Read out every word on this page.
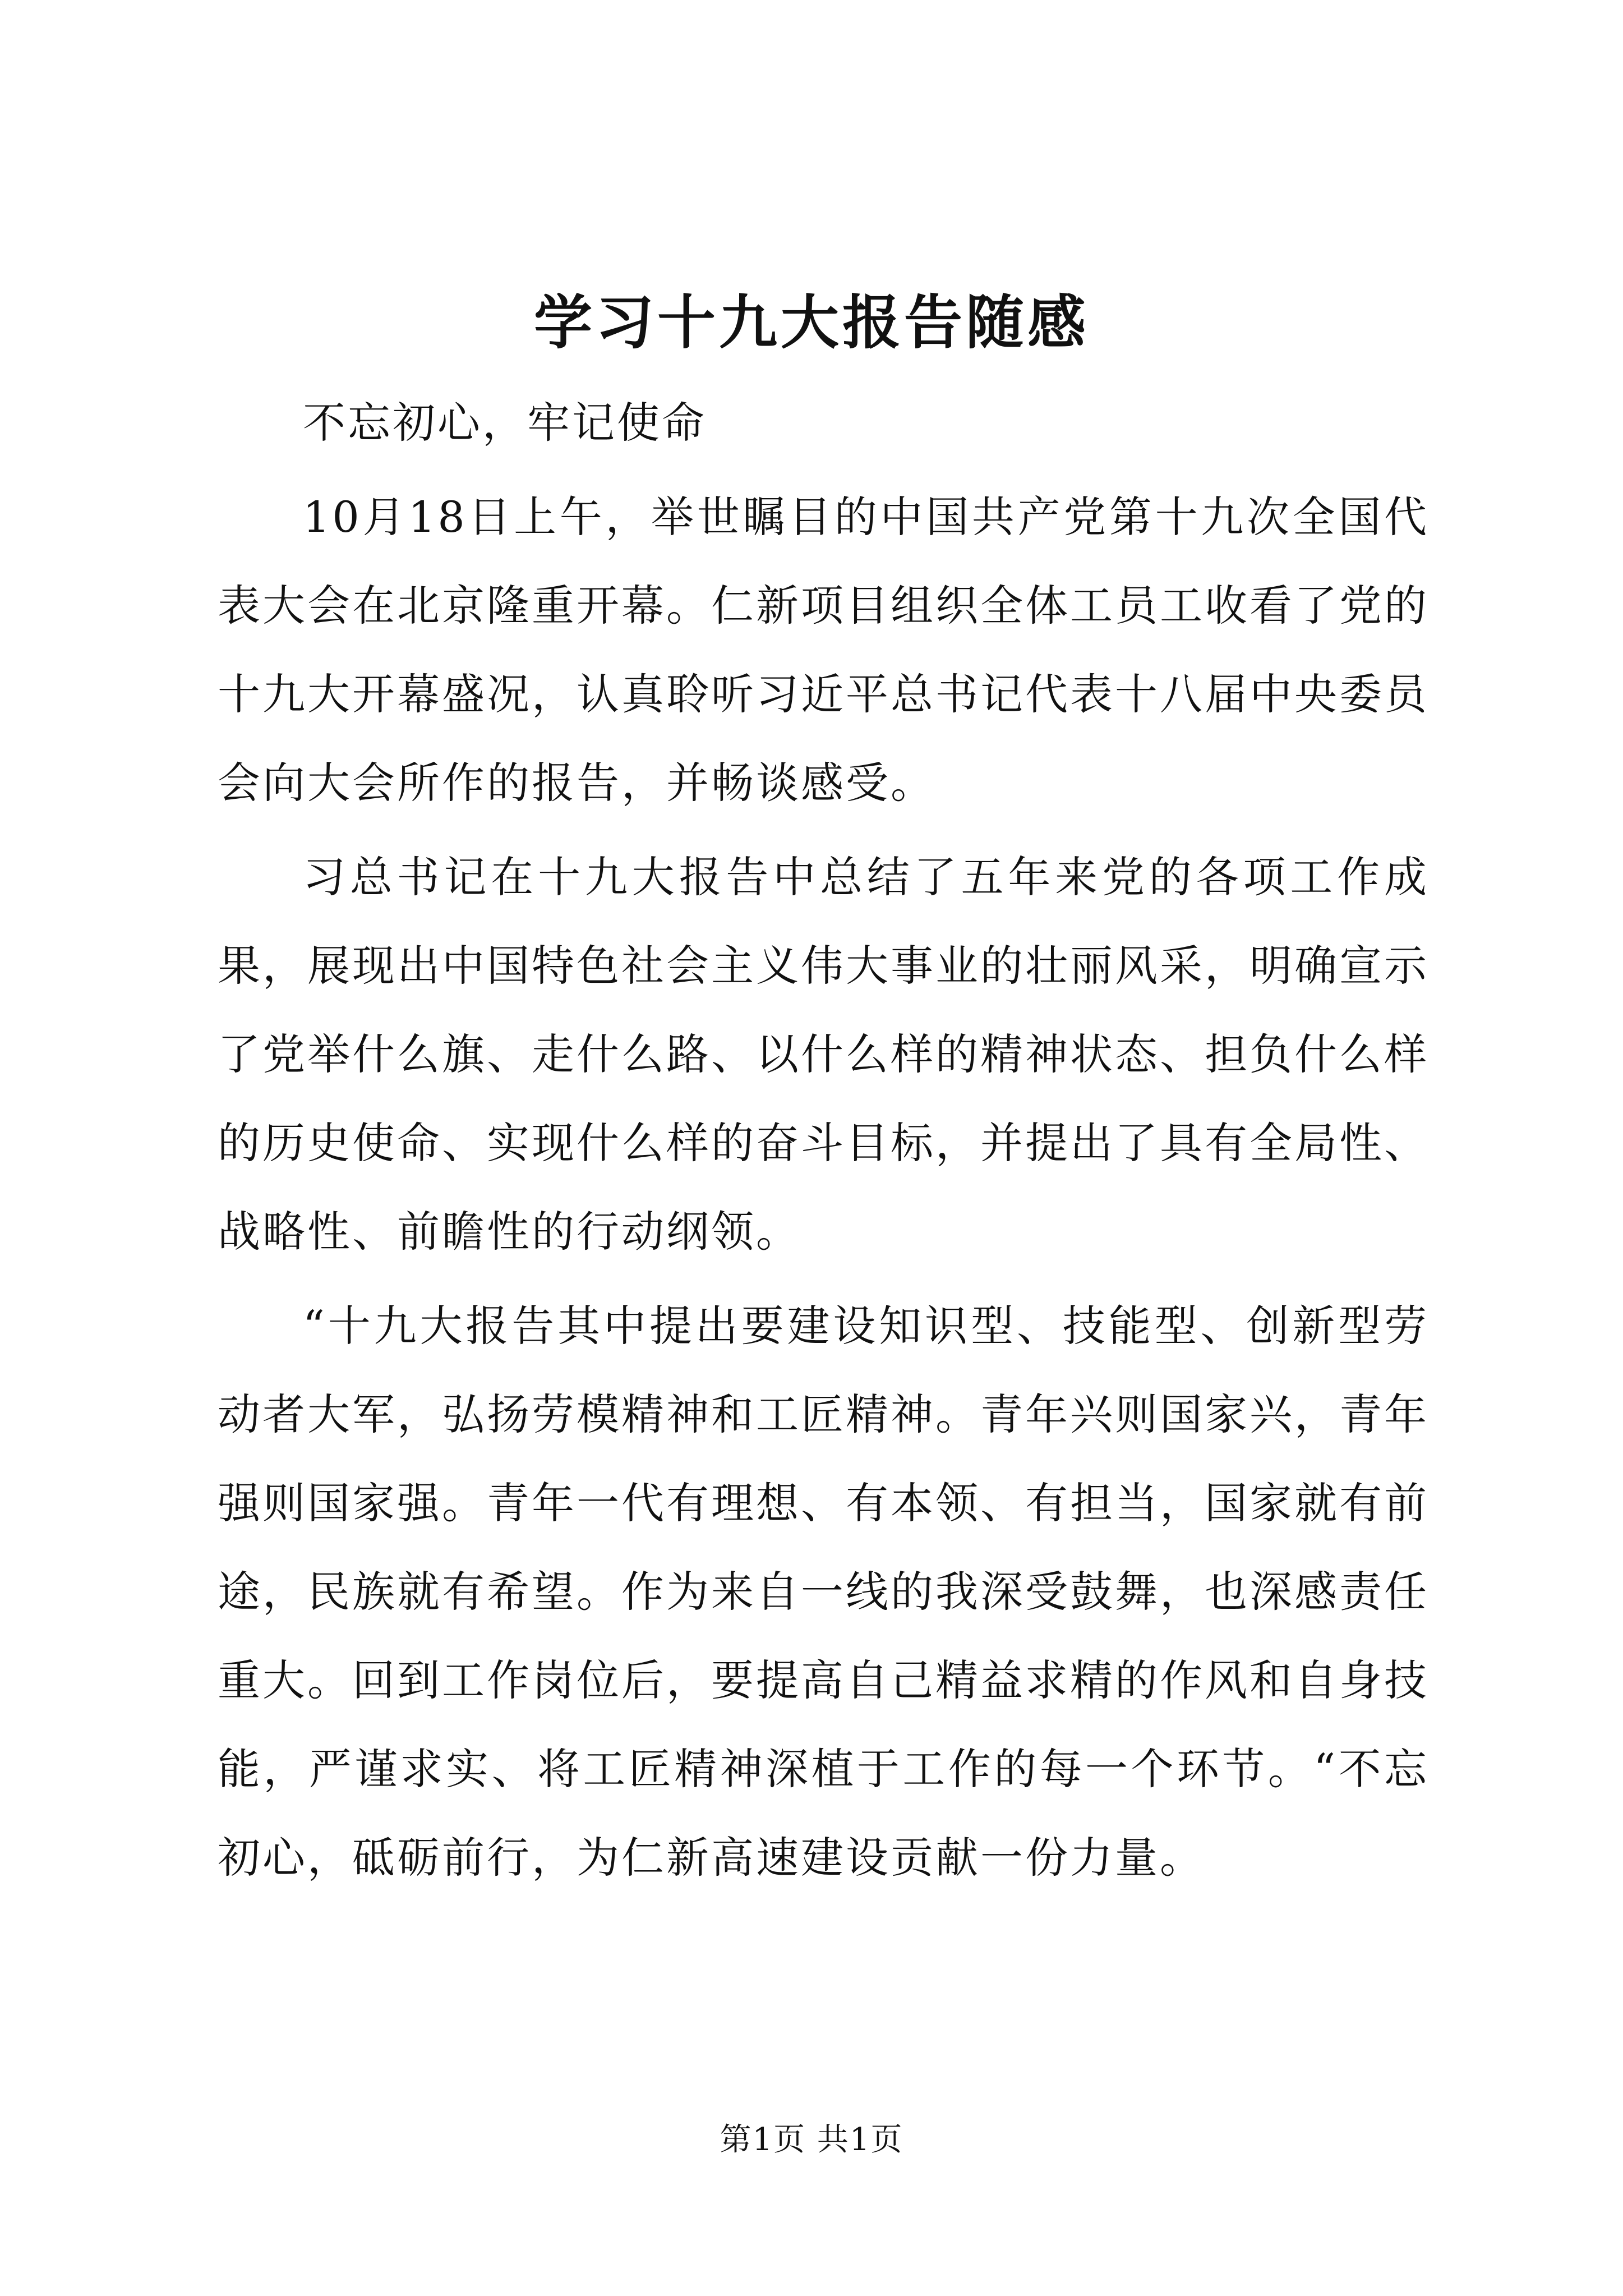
学习十九大报告随感

不忘初心，牢记使命

10月18日上午，举世瞩目的中国共产党第十九次全国代表大会在北京隆重开幕。仁新项目组织全体工员工收看了党的十九大开幕盛况，认真聆听习近平总书记代表十八届中央委员会向大会所作的报告，并畅谈感受。

习总书记在十九大报告中总结了五年来党的各项工作成果，展现出中国特色社会主义伟大事业的壮丽风采，明确宣示了党举什么旗、走什么路、以什么样的精神状态、担负什么样的历史使命、实现什么样的奋斗目标，并提出了具有全局性、战略性、前瞻性的行动纲领。

“十九大报告其中提出要建设知识型、技能型、创新型劳动者大军，弘扬劳模精神和工匠精神。青年兴则国家兴，青年强则国家强。青年一代有理想、有本领、有担当，国家就有前途，民族就有希望。作为来自一线的我深受鼓舞，也深感责任重大。回到工作岗位后，要提高自己精益求精的作风和自身技能，严谨求实、将工匠精神深植于工作的每一个环节。“不忘初心，砥砺前行，为仁新高速建设贡献一份力量。

第1页 共1页
